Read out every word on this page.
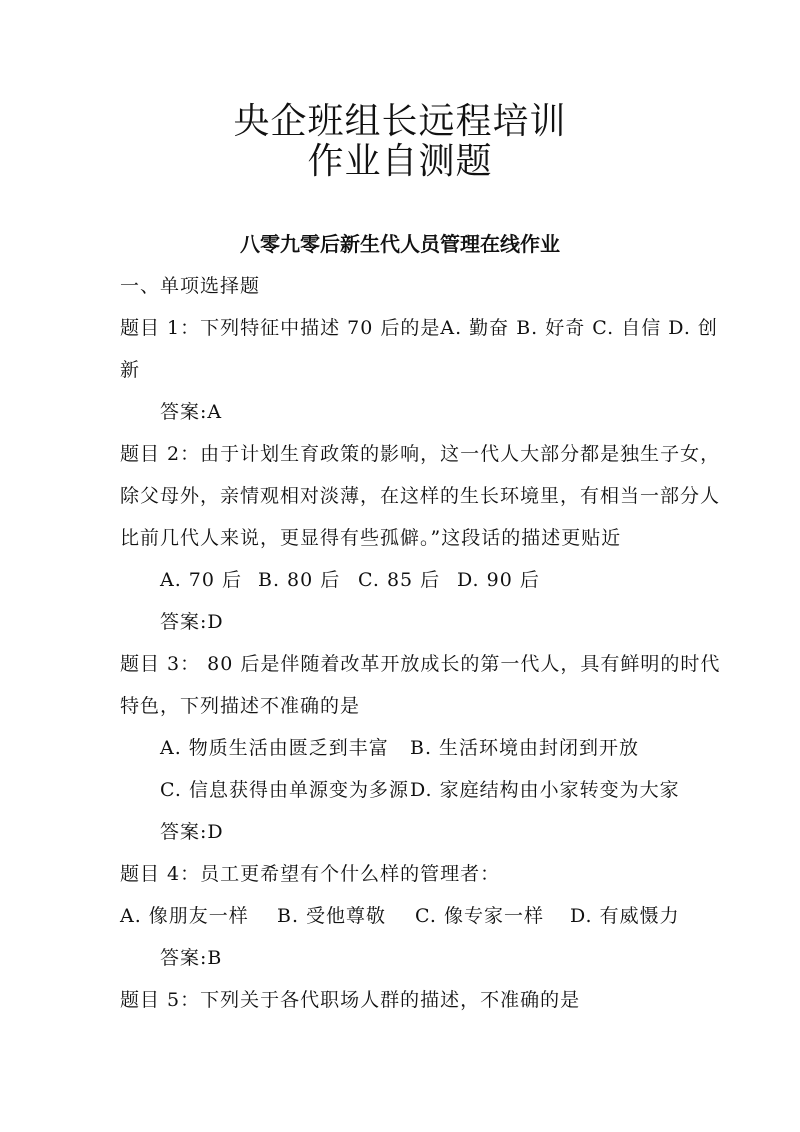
央企班组长远程培训
作业自测题
八零九零后新生代人员管理在线作业
一、单项选择题
题目 1：下列特征中描述 70 后的是A. 勤奋 B. 好奇 C. 自信 D. 创
新
答案:A
题目 2：由于计划生育政策的影响，这一代人大部分都是独生子女，
除父母外，亲情观相对淡薄，在这样的生长环境里，有相当一部分人
比前几代人来说，更显得有些孤僻。”这段话的描述更贴近
A. 70 后 B. 80 后 C. 85 后 D. 90 后
答案:D
题目 3： 80 后是伴随着改革开放成长的第一代人，具有鲜明的时代
特色，下列描述不准确的是
A. 物质生活由匮乏到丰富 B. 生活环境由封闭到开放
C. 信息获得由单源变为多源 D. 家庭结构由小家转变为大家
答案:D
题目 4：员工更希望有个什么样的管理者：
A. 像朋友一样 B. 受他尊敬 C. 像专家一样 D. 有威慑力
答案:B
题目 5：下列关于各代职场人群的描述，不准确的是
